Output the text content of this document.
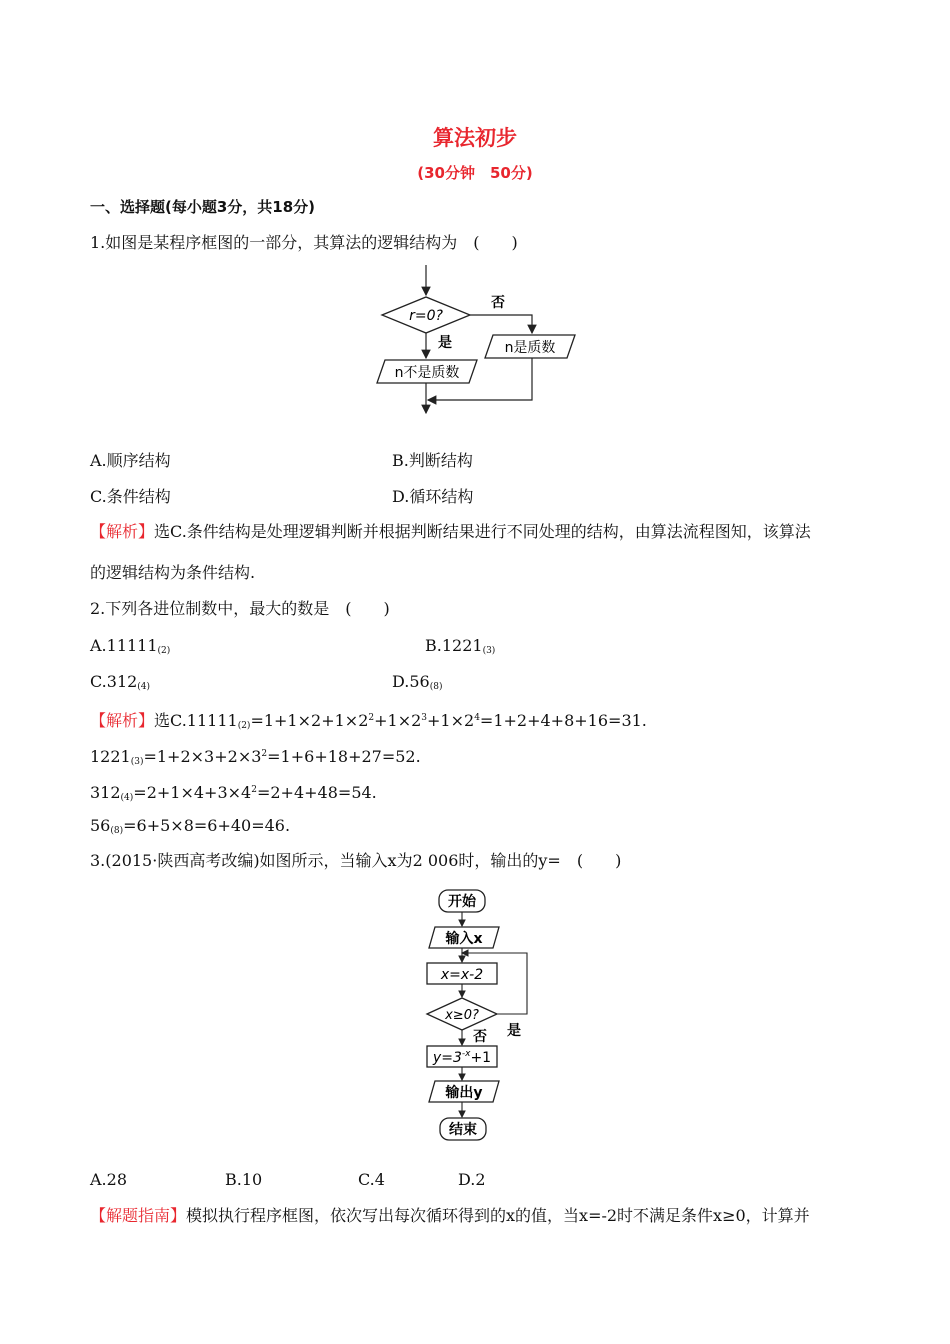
算法初步
(30分钟　50分)
一、选择题(每小题3分，共18分)
1.如图是某程序框图的一部分，其算法的逻辑结构为　(　　)
r=0?
否
n是质数
是
n不是质数
A.顺序结构	B.判断结构
C.条件结构	D.循环结构
【解析】选C.条件结构是处理逻辑判断并根据判断结果进行不同处理的结构，由算法流程图知，该算法
的逻辑结构为条件结构.
2.下列各进位制数中，最大的数是　(　　)
$A.11111_{(2)}$	$B.1221_{(3)}$
$C.312_{(4)}$	$D.56_{(8)}$
【解析】选$C.11111_{(2)}=1+1\times 2+1\times 2^2+1\times 2^3+1\times 2^4=1+2+4+8+16=31$.
$1221_{(3)}=1+2\times 3+2\times 3^2=1+6+18+27=52$.
$312_{(4)}=2+1\times 4+3\times 4^2=2+4+48=54$.
$56_{(8)}=6+5\times 8=6+40=46$.
3.(2015·陕西高考改编)如图所示，当输入x为2 006时，输出的y=　(　　)
开始
输入x
x=x-2
x≥0?
是
否
$y=3^{-x}+1$
输出y
结束
A.28	B.10	C.4	D.2
【解题指南】模拟执行程序框图，依次写出每次循环得到的x的值，当x=-2时不满足条件x≥0，计算并
